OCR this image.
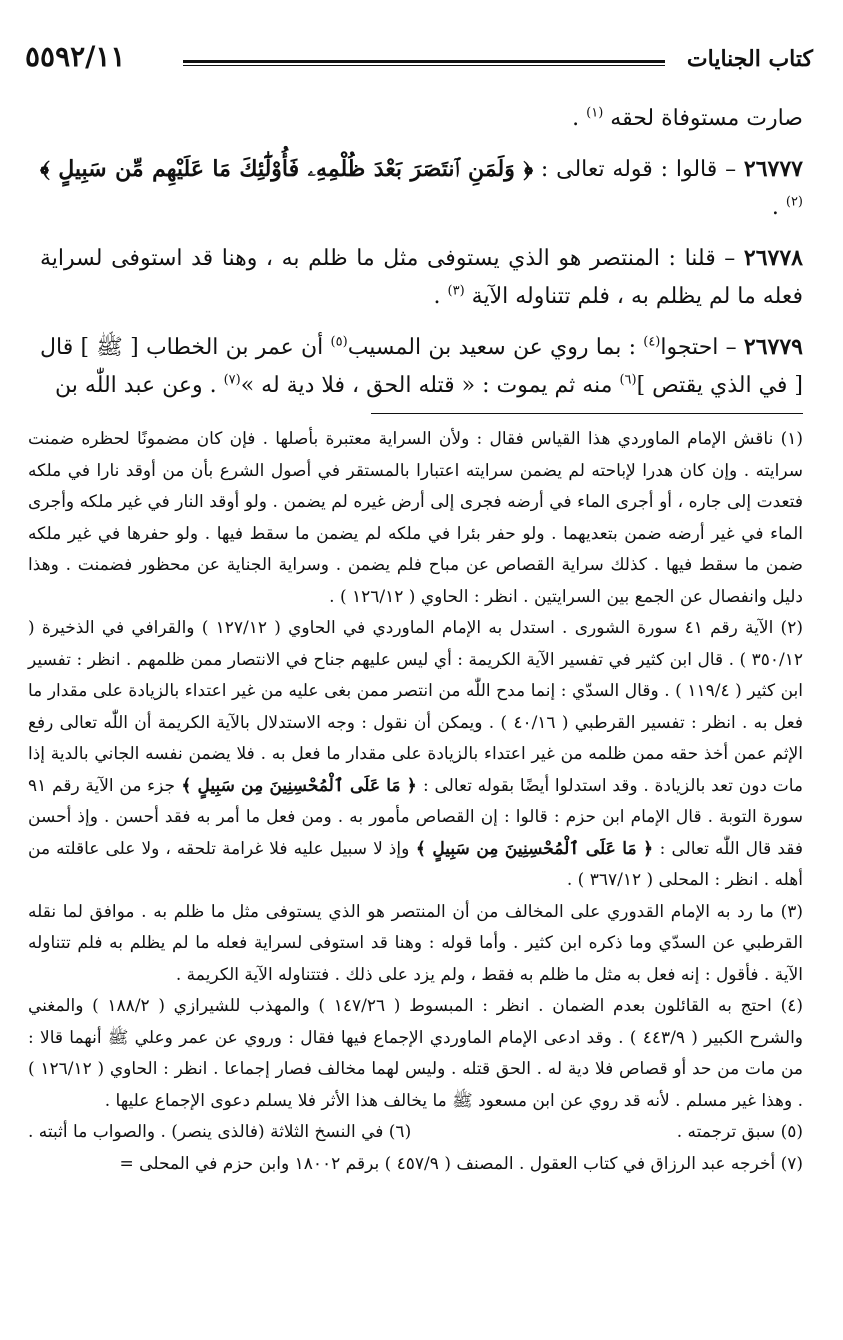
٥٥٩٢/١١	كتاب الجنايات

صارت مستوفاة لحقه $^{(١)}$ .

٢٦٧٧٧ – قالوا : قوله تعالى : ﴿ وَلَمَنِ ٱنتَصَرَ بَعْدَ ظُلْمِهِۦ فَأُوْلَٰٓئِكَ مَا عَلَيْهِم مِّن سَبِيلٍ ﴾ $^{(٢)}$ .

٢٦٧٧٨ – قلنا : المنتصر هو الذي يستوفى مثل ما ظلم به ، وهنا قد استوفى لسراية فعله ما لم يظلم به ، فلم تتناوله الآية $^{(٣)}$ .

٢٦٧٧٩ – احتجوا$^{(٤)}$ : بما روي عن سعيد بن المسيب$^{(٥)}$ أن عمر بن الخطاب [ ﷺ ] قال [ في الذي يقتص ]$^{(٦)}$ منه ثم يموت : « قتله الحق ، فلا دية له »$^{(٧)}$ . وعن عبد اللّٰه بن

(١) ناقش الإمام الماوردي هذا القياس فقال : ولأن السراية معتبرة بأصلها . فإن كان مضمونًا لحظره ضمنت سرايته . وإن كان هدرا لإباحته لم يضمن سرايته اعتبارا بالمستقر في أصول الشرع بأن من أوقد نارا في ملكه فتعدت إلى جاره ، أو أجرى الماء في أرضه فجرى إلى أرض غيره لم يضمن . ولو أوقد النار في غير ملكه وأجرى الماء في غير أرضه ضمن بتعديهما . ولو حفر بئرا في ملكه لم يضمن ما سقط فيها . ولو حفرها في غير ملكه ضمن ما سقط فيها . كذلك سراية القصاص عن مباح فلم يضمن . وسراية الجناية عن محظور فضمنت . وهذا دليل وانفصال عن الجمع بين السرايتين . انظر : الحاوي ( ١٢٦/١٢ ) .

(٢) الآية رقم ٤١ سورة الشورى . استدل به الإمام الماوردي في الحاوي ( ١٢٧/١٢ ) والقرافي في الذخيرة ( ٣٥٠/١٢ ) . قال ابن كثير في تفسير الآية الكريمة : أي ليس عليهم جناح في الانتصار ممن ظلمهم . انظر : تفسير ابن كثير ( ١١٩/٤ ) . وقال السدّي : إنما مدح اللّٰه من انتصر ممن بغى عليه من غير اعتداء بالزيادة على مقدار ما فعل به . انظر : تفسير القرطبي ( ٤٠/١٦ ) . ويمكن أن نقول : وجه الاستدلال بالآية الكريمة أن اللّٰه تعالى رفع الإثم عمن أخذ حقه ممن ظلمه من غير اعتداء بالزيادة على مقدار ما فعل به . فلا يضمن نفسه الجاني بالدية إذا مات دون تعد بالزيادة . وقد استدلوا أيضًا بقوله تعالى : ﴿ مَا عَلَى ٱلْمُحْسِنِينَ مِن سَبِيلٍ ﴾ جزء من الآية رقم ٩١ سورة التوبة . قال الإمام ابن حزم : قالوا : إن القصاص مأمور به . ومن فعل ما أمر به فقد أحسن . وإذ أحسن فقد قال اللّٰه تعالى : ﴿ مَا عَلَى ٱلْمُحْسِنِينَ مِن سَبِيلٍ ﴾ وإذ لا سبيل عليه فلا غرامة تلحقه ، ولا على عاقلته من أهله . انظر : المحلى ( ٣٦٧/١٢ ) .

(٣) ما رد به الإمام القدوري على المخالف من أن المنتصر هو الذي يستوفى مثل ما ظلم به . موافق لما نقله القرطبي عن السدّي وما ذكره ابن كثير . وأما قوله : وهنا قد استوفى لسراية فعله ما لم يظلم به فلم تتناوله الآية . فأقول : إنه فعل به مثل ما ظلم به فقط ، ولم يزد على ذلك . فتتناوله الآية الكريمة .

(٤) احتج به القائلون بعدم الضمان . انظر : المبسوط ( ١٤٧/٢٦ ) والمهذب للشيرازي ( ١٨٨/٢ ) والمغني والشرح الكبير ( ٤٤٣/٩ ) . وقد ادعى الإمام الماوردي الإجماع فيها فقال : وروي عن عمر وعلي ﷺ أنهما قالا : من مات من حد أو قصاص فلا دية له . الحق قتله . وليس لهما مخالف فصار إجماعا . انظر : الحاوي ( ١٢٦/١٢ ) . وهذا غير مسلم . لأنه قد روي عن ابن مسعود ﷺ ما يخالف هذا الأثر فلا يسلم دعوى الإجماع عليها .

(٥) سبق ترجمته .
(٦) في النسخ الثلاثة (فالذى ينصر) . والصواب ما أثبته .

(٧) أخرجه عبد الرزاق في كتاب العقول . المصنف ( ٤٥٧/٩ ) برقم ١٨٠٠٢ وابن حزم في المحلى =
